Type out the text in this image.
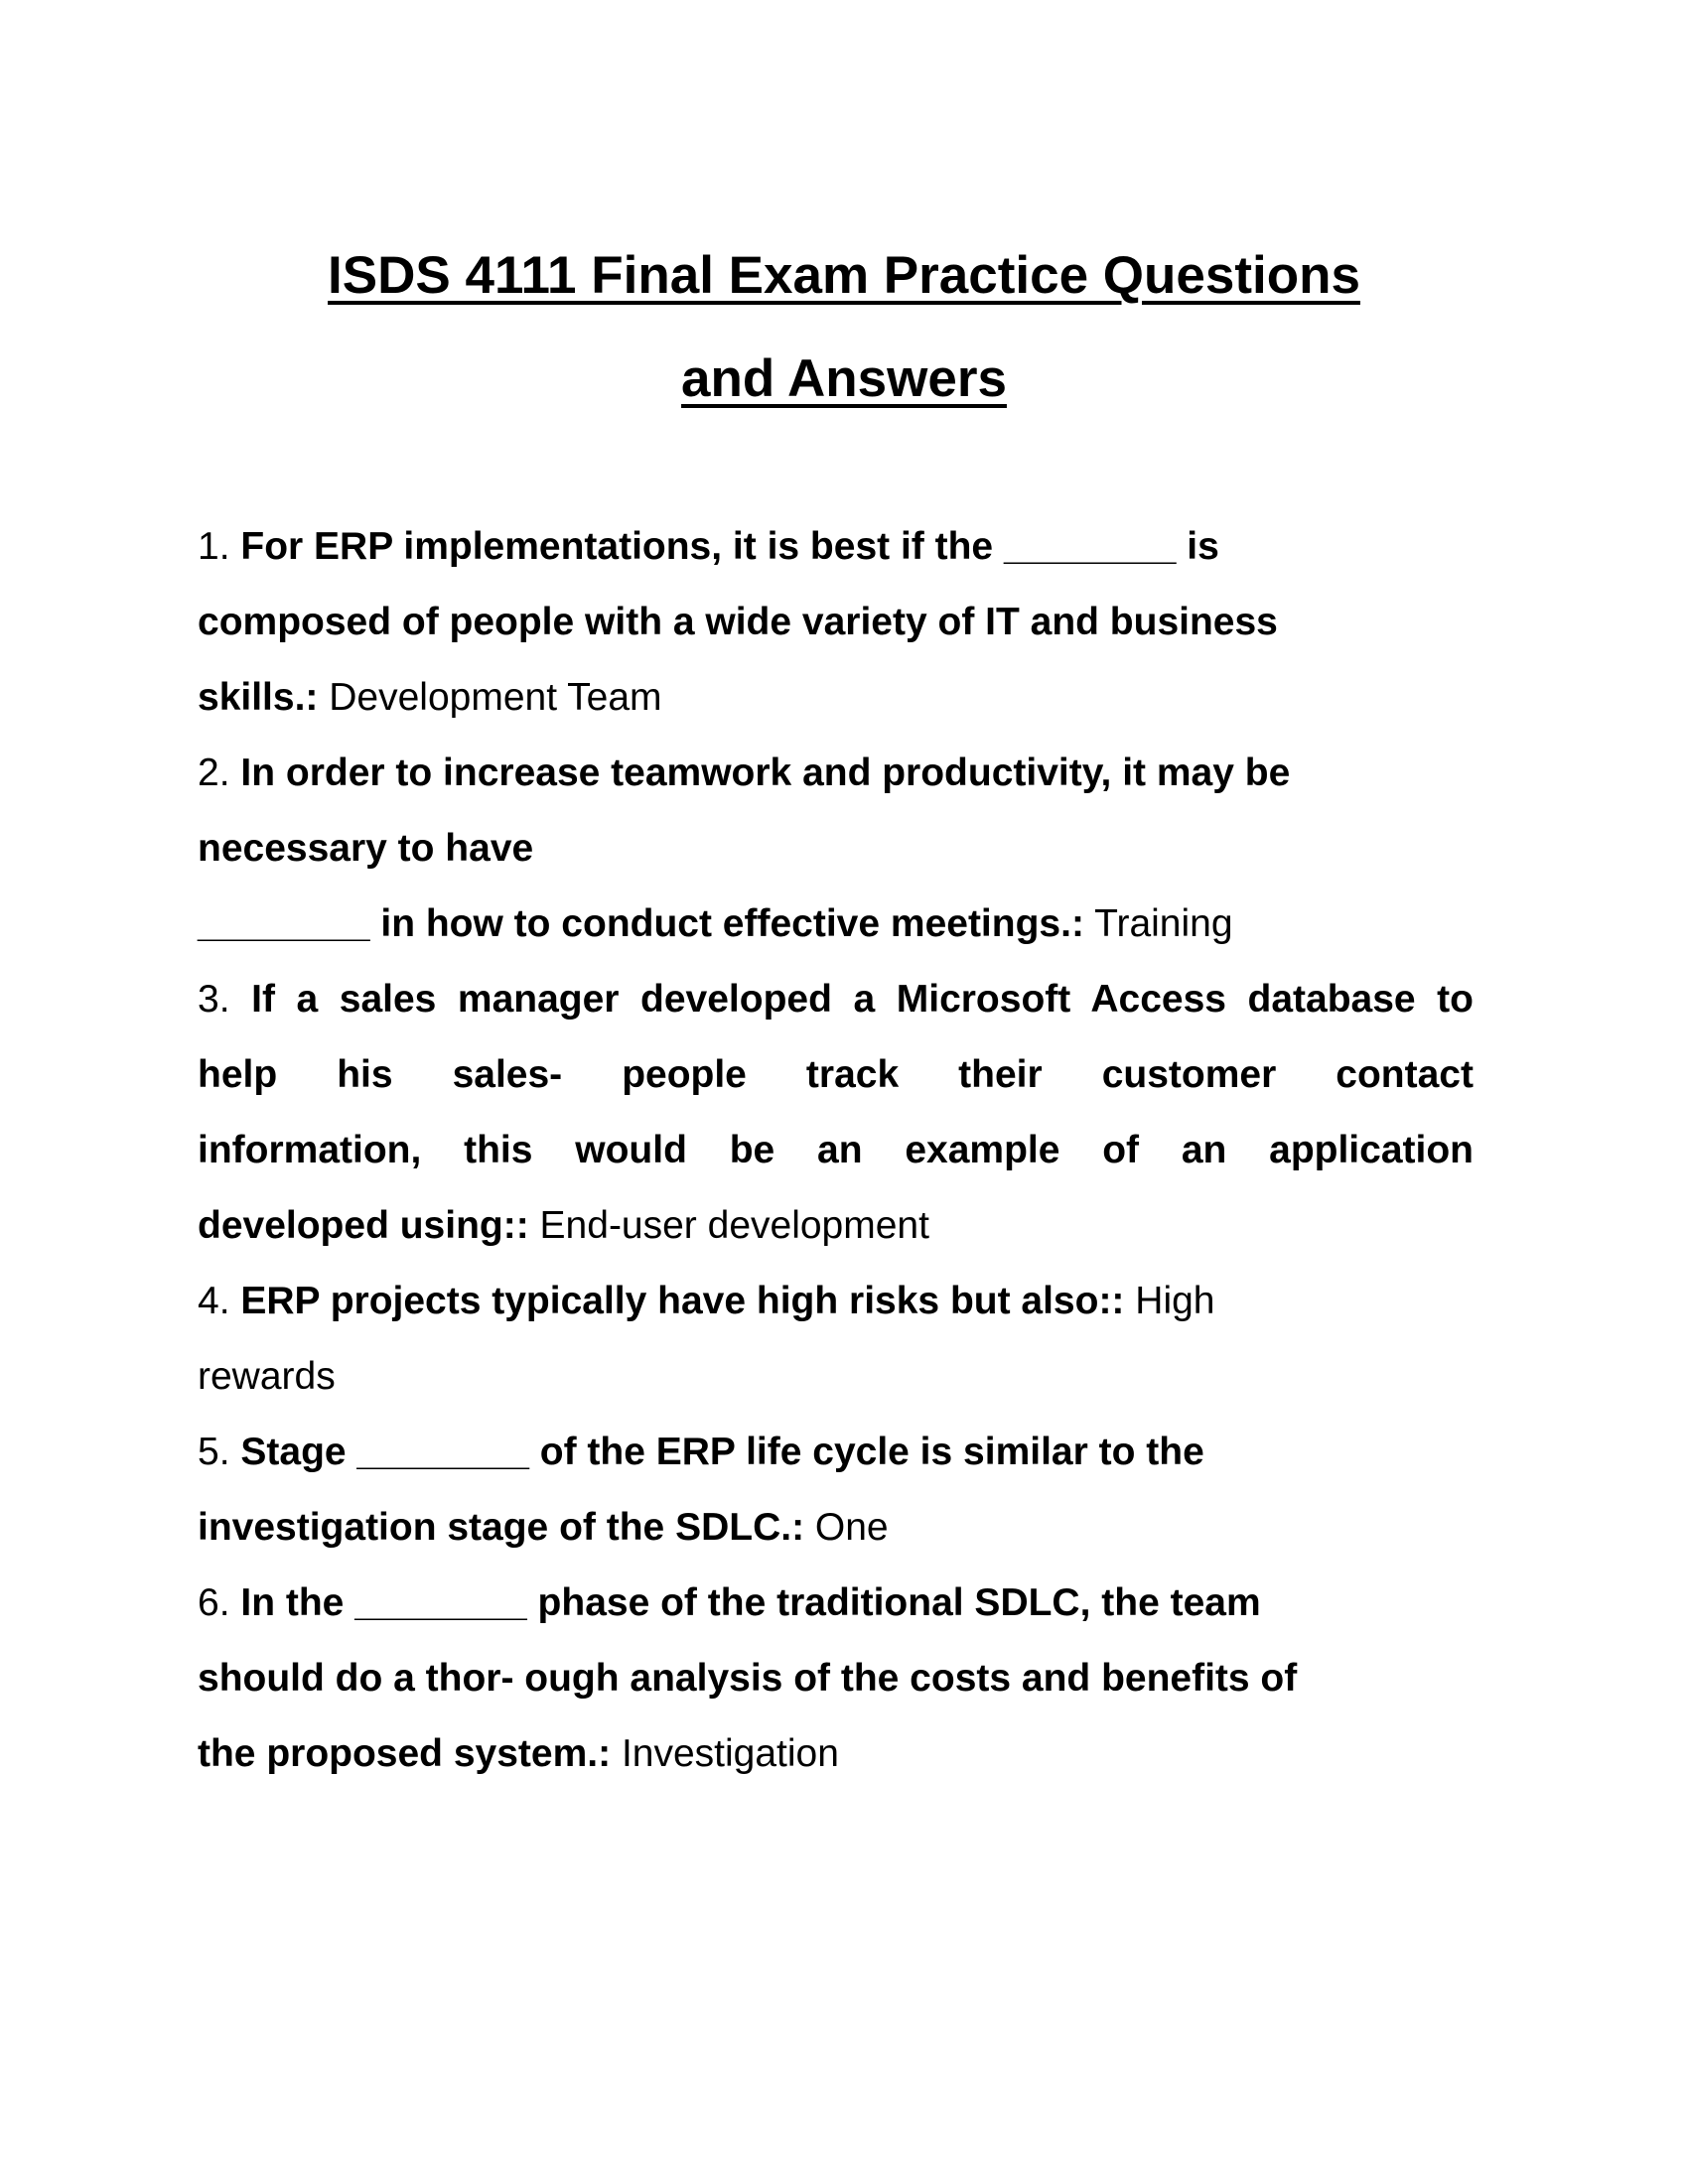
ISDS 4111 Final Exam Practice Questions
and Answers
1. For ERP implementations, it is best if the ________ is
composed of people with a wide variety of IT and business
skills.: Development Team
2. In order to increase teamwork and productivity, it may be
necessary to have
________ in how to conduct effective meetings.: Training
3. If a sales manager developed a Microsoft Access database to
help his sales- people track their customer contact
information, this would be an example of an application
developed using:: End-user development
4. ERP projects typically have high risks but also:: High
rewards
5. Stage ________ of the ERP life cycle is similar to the
investigation stage of the SDLC.: One
6. In the ________ phase of the traditional SDLC, the team
should do a thor- ough analysis of the costs and benefits of
the proposed system.: Investigation
